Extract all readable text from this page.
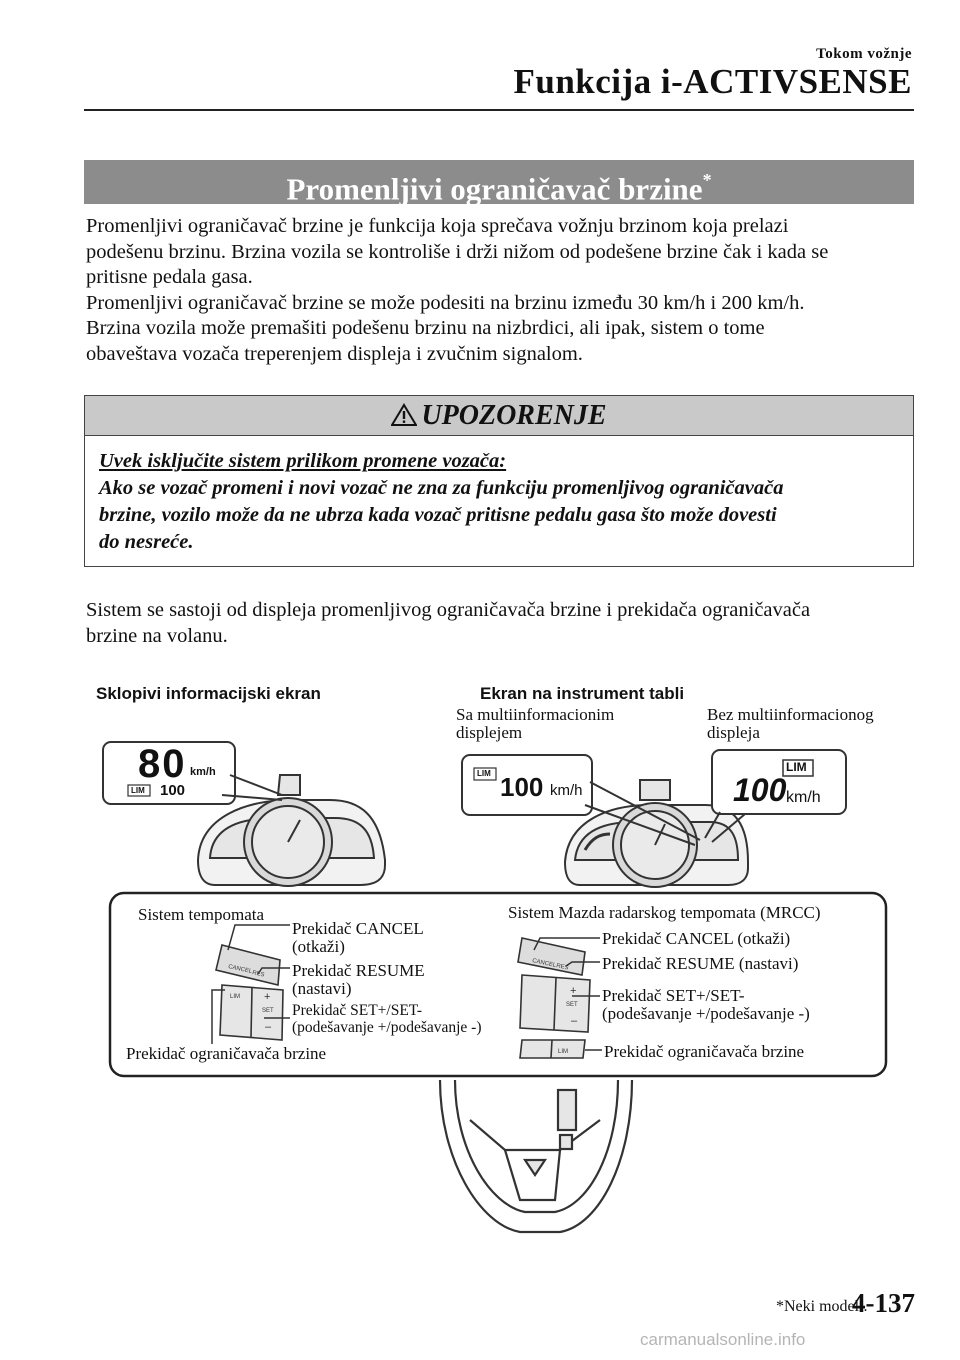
Tokom vožnje
Funkcija i-ACTIVSENSE
Promenljivi ograničavač brzine*
Promenljivi ograničavač brzine je funkcija koja sprečava vožnju brzinom koja prelazi
podešenu brzinu. Brzina vozila se kontroliše i drži nižom od podešene brzine čak i kada se
pritisne pedala gasa.
Promenljivi ograničavač brzine se može podesiti na brzinu između 30 km/h i 200 km/h.
Brzina vozila može premašiti podešenu brzinu na nizbrdici, ali ipak, sistem o tome
obaveštava vozača treperenjem displeja i zvučnim signalom.
UPOZORENJE
Uvek isključite sistem prilikom promene vozača:
Ako se vozač promeni i novi vozač ne zna za funkciju promenljivog ograničavača
brzine, vozilo može da ne ubrza kada vozač pritisne pedalu gasa što može dovesti
do nesreće.
Sistem se sastoji od displeja promenljivog ograničavača brzine i prekidača ograničavača
brzine na volanu.
CANCEL
RES
LIM
SET
+
–
CANCEL
RES
SET
LIM
+
–
Sklopivi informacijski ekran	Ekran na instrument tabli
Sa multiinformacionim
displejem
Bez multiinformacionog
displeja
80 km/h
LIM 100
LIM 100 km/h
LIM
100 km/h
Sistem tempomata
Prekidač CANCEL
(otkaži)
Prekidač RESUME
(nastavi)
Prekidač SET+/SET-
(podešavanje +/podešavanje -)
Prekidač ograničavača brzine
Sistem Mazda radarskog tempomata (MRCC)
Prekidač CANCEL (otkaži)
Prekidač RESUME (nastavi)
Prekidač SET+/SET-
(podešavanje +/podešavanje -)
Prekidač ograničavača brzine
*Neki modeli.
4-137
carmanualsonline.info
